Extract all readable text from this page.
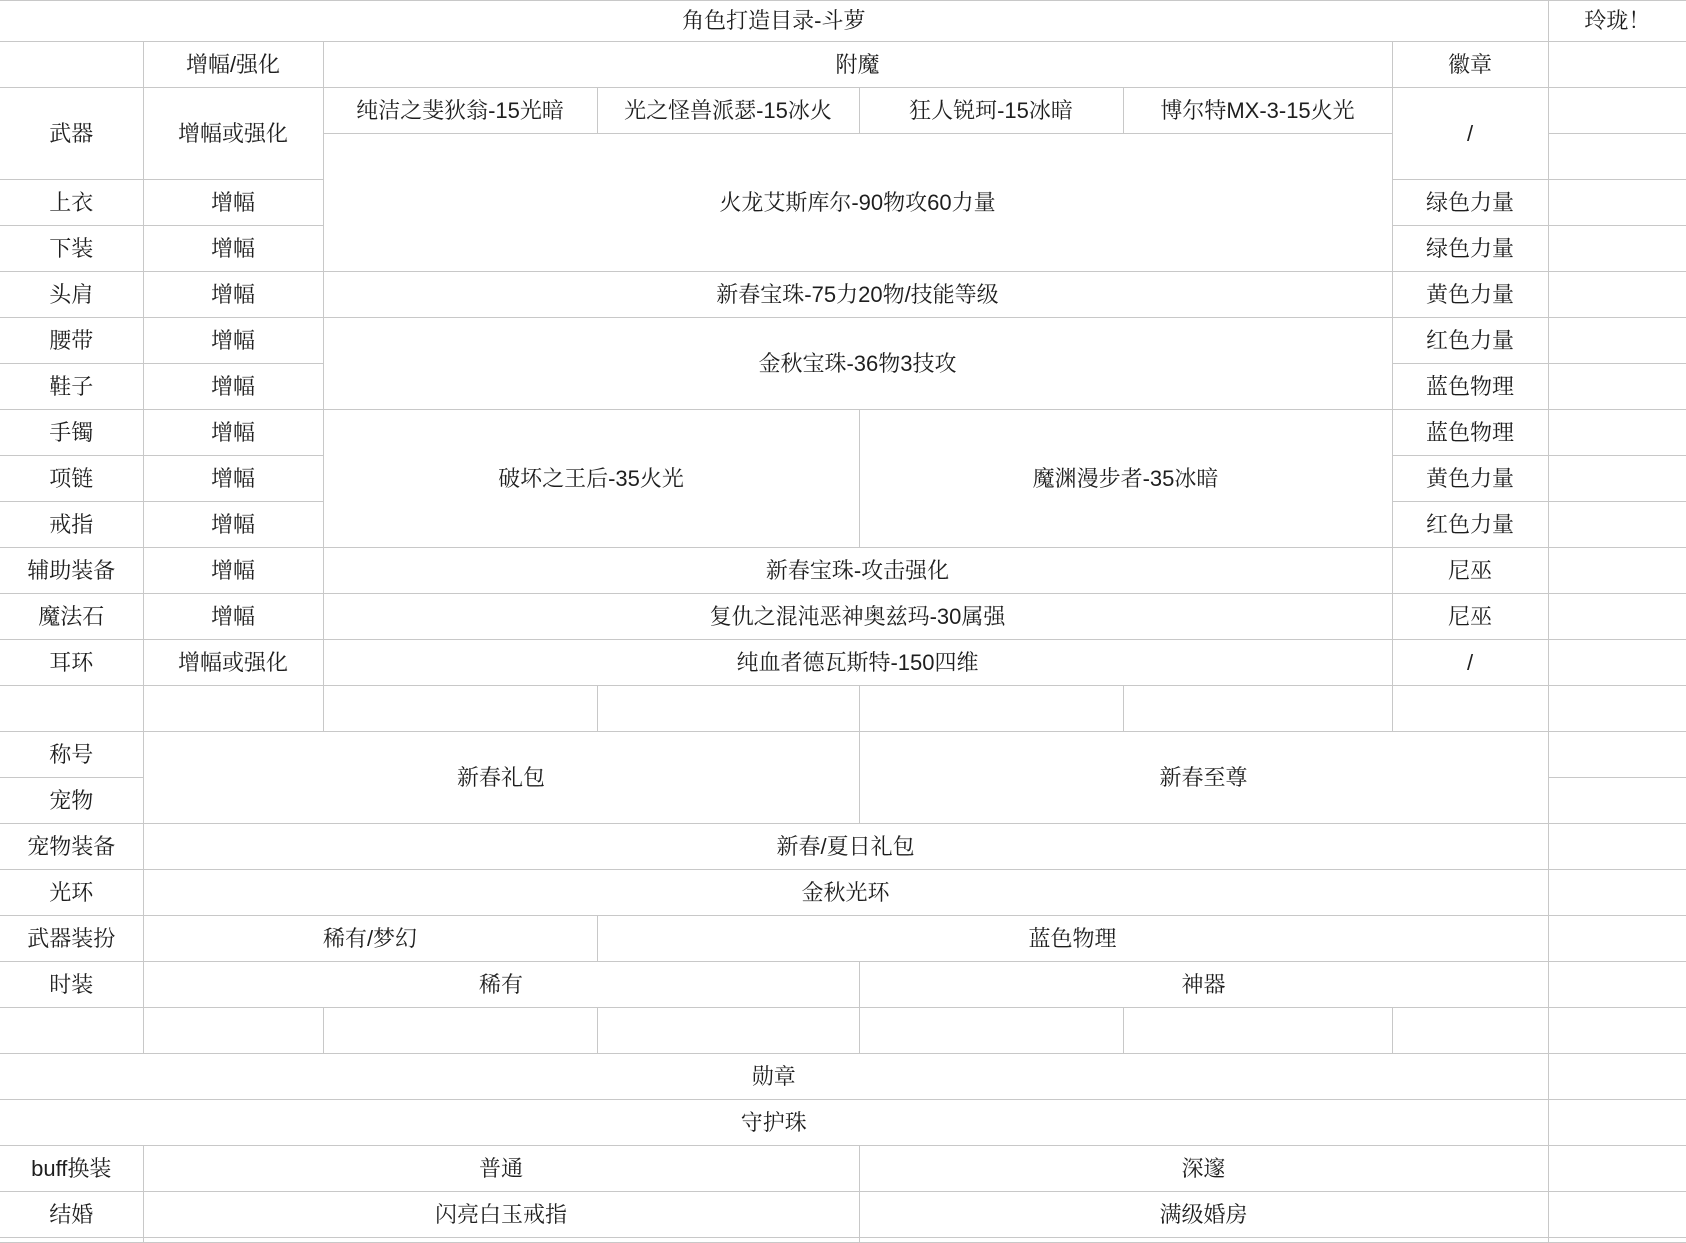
角色打造目录-斗萝							玲珑！
	增幅/强化	附魔				徽章	
武器	增幅或强化	纯洁之斐狄翁-15光暗	光之怪兽派瑟-15冰火	狂人锐珂-15冰暗	博尔特MX-3-15火光	/	
		火龙艾斯库尔-90物攻60力量					
上衣	增幅					绿色力量	
下装	增幅					绿色力量	
头肩	增幅	新春宝珠-75力20物/技能等级				黄色力量	
腰带	增幅	金秋宝珠-36物3技攻				红色力量	
鞋子	增幅					蓝色物理	
手镯	增幅	破坏之王后-35火光		魔渊漫步者-35冰暗		蓝色物理	
项链	增幅					黄色力量	
戒指	增幅					红色力量	
辅助装备	增幅	新春宝珠-攻击强化				尼巫	
魔法石	增幅	复仇之混沌恶神奥兹玛-30属强				尼巫	
耳环	增幅或强化	纯血者德瓦斯特-150四维				/	

称号	新春礼包			新春至尊			
宠物							
宠物装备	新春/夏日礼包						
光环	金秋光环						
武器装扮	稀有/梦幻		蓝色物理				
时装	稀有			神器			

勋章							
守护珠							
buff换装	普通			深邃			
结婚	闪亮白玉戒指			满级婚房			
